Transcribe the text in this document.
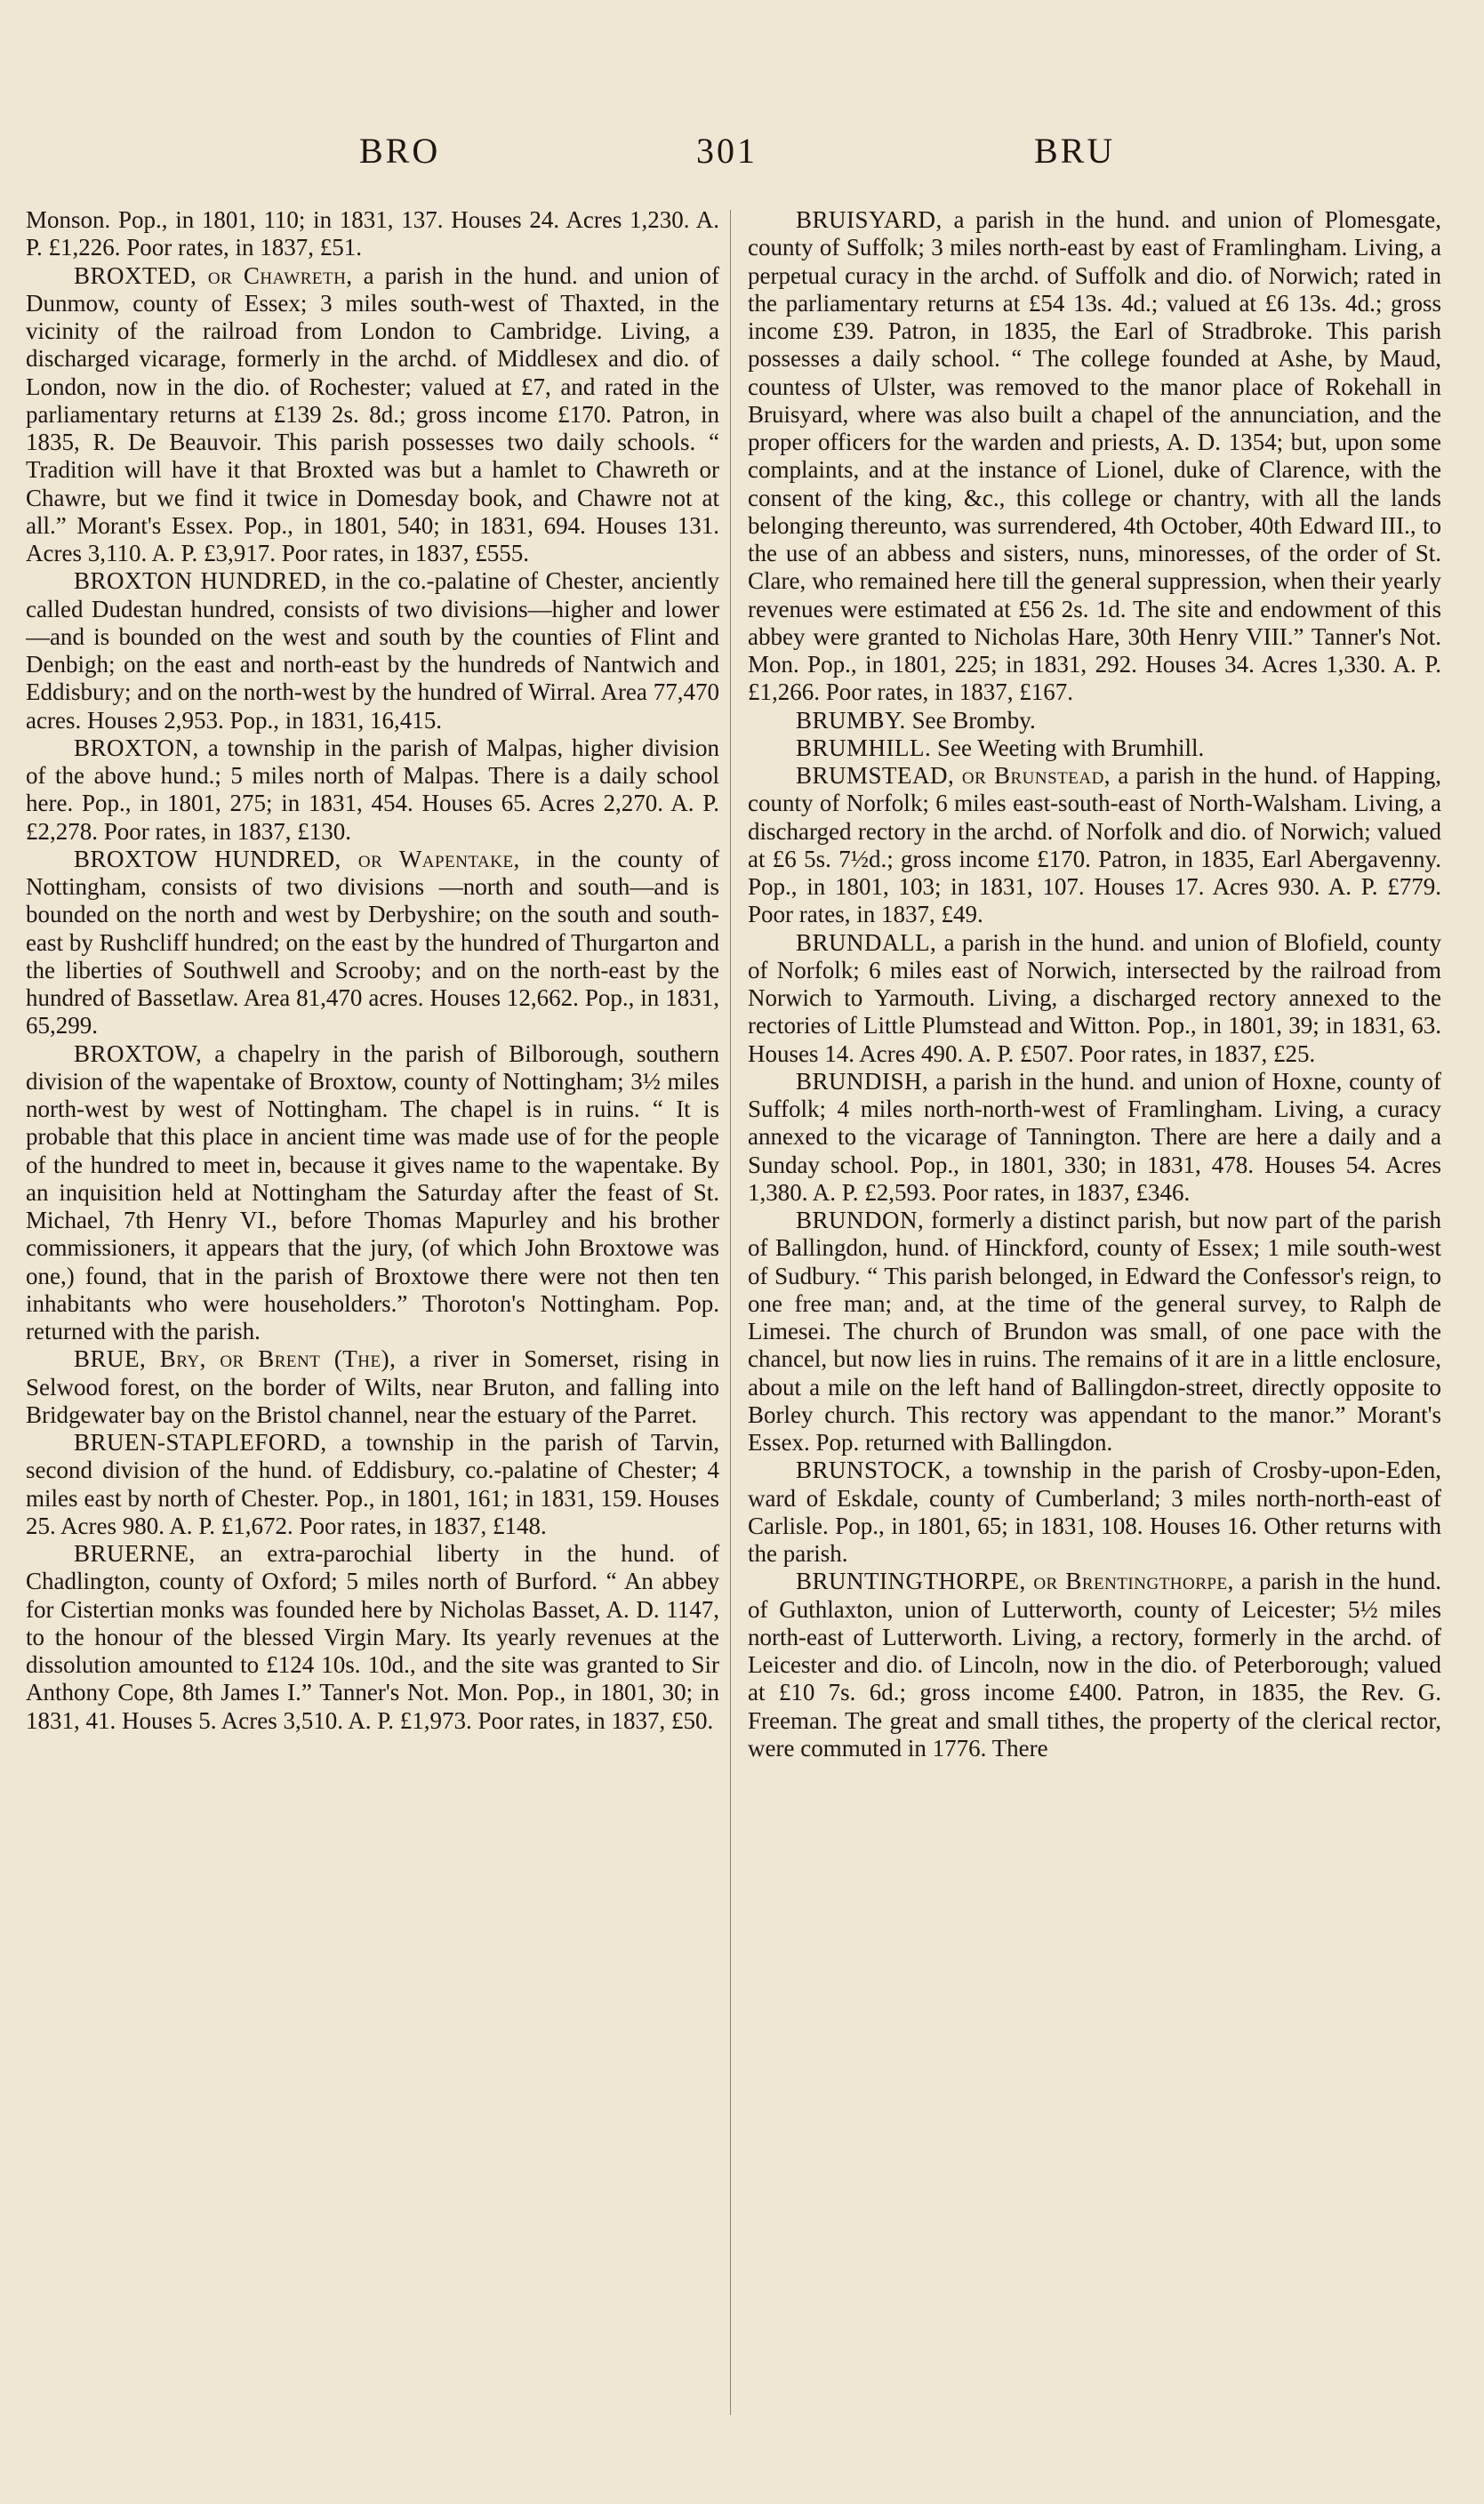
BRO	301	BRU

Monson. Pop., in 1801, 110; in 1831, 137. Houses 24. Acres 1,230. A. P. £1,226. Poor rates, in 1837, £51.

BROXTED, or Chawreth, a parish in the hund. and union of Dunmow, county of Essex; 3 miles south-west of Thaxted, in the vicinity of the railroad from London to Cambridge. Living, a discharged vicarage, formerly in the archd. of Middlesex and dio. of London, now in the dio. of Rochester; valued at £7, and rated in the parliamentary returns at £139 2s. 8d.; gross income £170. Patron, in 1835, R. De Beauvoir. This parish possesses two daily schools. “ Tradition will have it that Broxted was but a hamlet to Chawreth or Chawre, but we find it twice in Domesday book, and Chawre not at all.” Morant's Essex. Pop., in 1801, 540; in 1831, 694. Houses 131. Acres 3,110. A. P. £3,917. Poor rates, in 1837, £555.

BROXTON HUNDRED, in the co.-palatine of Chester, anciently called Dudestan hundred, consists of two divisions—higher and lower—and is bounded on the west and south by the counties of Flint and Denbigh; on the east and north-east by the hundreds of Nantwich and Eddisbury; and on the north-west by the hundred of Wirral. Area 77,470 acres. Houses 2,953. Pop., in 1831, 16,415.

BROXTON, a township in the parish of Malpas, higher division of the above hund.; 5 miles north of Malpas. There is a daily school here. Pop., in 1801, 275; in 1831, 454. Houses 65. Acres 2,270. A. P. £2,278. Poor rates, in 1837, £130.

BROXTOW HUNDRED, or Wapentake, in the county of Nottingham, consists of two divisions —north and south—and is bounded on the north and west by Derbyshire; on the south and south-east by Rushcliff hundred; on the east by the hundred of Thurgarton and the liberties of Southwell and Scrooby; and on the north-east by the hundred of Bassetlaw. Area 81,470 acres. Houses 12,662. Pop., in 1831, 65,299.

BROXTOW, a chapelry in the parish of Bilborough, southern division of the wapentake of Broxtow, county of Nottingham; 3½ miles north-west by west of Nottingham. The chapel is in ruins. “ It is probable that this place in ancient time was made use of for the people of the hundred to meet in, because it gives name to the wapentake. By an inquisition held at Nottingham the Saturday after the feast of St. Michael, 7th Henry VI., before Thomas Mapurley and his brother commissioners, it appears that the jury, (of which John Broxtowe was one,) found, that in the parish of Broxtowe there were not then ten inhabitants who were householders.” Thoroton's Nottingham. Pop. returned with the parish.

BRUE, Bry, or Brent (The), a river in Somerset, rising in Selwood forest, on the border of Wilts, near Bruton, and falling into Bridgewater bay on the Bristol channel, near the estuary of the Parret.

BRUEN-STAPLEFORD, a township in the parish of Tarvin, second division of the hund. of Eddisbury, co.-palatine of Chester; 4 miles east by north of Chester. Pop., in 1801, 161; in 1831, 159. Houses 25. Acres 980. A. P. £1,672. Poor rates, in 1837, £148.

BRUERNE, an extra-parochial liberty in the hund. of Chadlington, county of Oxford; 5 miles north of Burford. “ An abbey for Cistertian monks was founded here by Nicholas Basset, A. D. 1147, to the honour of the blessed Virgin Mary. Its yearly revenues at the dissolution amounted to £124 10s. 10d., and the site was granted to Sir Anthony Cope, 8th James I.” Tanner's Not. Mon. Pop., in 1801, 30; in 1831, 41. Houses 5. Acres 3,510. A. P. £1,973. Poor rates, in 1837, £50.

BRUISYARD, a parish in the hund. and union of Plomesgate, county of Suffolk; 3 miles north-east by east of Framlingham. Living, a perpetual curacy in the archd. of Suffolk and dio. of Norwich; rated in the parliamentary returns at £54 13s. 4d.; valued at £6 13s. 4d.; gross income £39. Patron, in 1835, the Earl of Stradbroke. This parish possesses a daily school. “ The college founded at Ashe, by Maud, countess of Ulster, was removed to the manor place of Rokehall in Bruisyard, where was also built a chapel of the annunciation, and the proper officers for the warden and priests, A. D. 1354; but, upon some complaints, and at the instance of Lionel, duke of Clarence, with the consent of the king, &c., this college or chantry, with all the lands belonging thereunto, was surrendered, 4th October, 40th Edward III., to the use of an abbess and sisters, nuns, minoresses, of the order of St. Clare, who remained here till the general suppression, when their yearly revenues were estimated at £56 2s. 1d. The site and endowment of this abbey were granted to Nicholas Hare, 30th Henry VIII.” Tanner's Not. Mon. Pop., in 1801, 225; in 1831, 292. Houses 34. Acres 1,330. A. P. £1,266. Poor rates, in 1837, £167.

BRUMBY. See Bromby.

BRUMHILL. See Weeting with Brumhill.

BRUMSTEAD, or Brunstead, a parish in the hund. of Happing, county of Norfolk; 6 miles east-south-east of North-Walsham. Living, a discharged rectory in the archd. of Norfolk and dio. of Norwich; valued at £6 5s. 7½d.; gross income £170. Patron, in 1835, Earl Abergavenny. Pop., in 1801, 103; in 1831, 107. Houses 17. Acres 930. A. P. £779. Poor rates, in 1837, £49.

BRUNDALL, a parish in the hund. and union of Blofield, county of Norfolk; 6 miles east of Norwich, intersected by the railroad from Norwich to Yarmouth. Living, a discharged rectory annexed to the rectories of Little Plumstead and Witton. Pop., in 1801, 39; in 1831, 63. Houses 14. Acres 490. A. P. £507. Poor rates, in 1837, £25.

BRUNDISH, a parish in the hund. and union of Hoxne, county of Suffolk; 4 miles north-north-west of Framlingham. Living, a curacy annexed to the vicarage of Tannington. There are here a daily and a Sunday school. Pop., in 1801, 330; in 1831, 478. Houses 54. Acres 1,380. A. P. £2,593. Poor rates, in 1837, £346.

BRUNDON, formerly a distinct parish, but now part of the parish of Ballingdon, hund. of Hinckford, county of Essex; 1 mile south-west of Sudbury. “ This parish belonged, in Edward the Confessor's reign, to one free man; and, at the time of the general survey, to Ralph de Limesei. The church of Brundon was small, of one pace with the chancel, but now lies in ruins. The remains of it are in a little enclosure, about a mile on the left hand of Ballingdon-street, directly opposite to Borley church. This rectory was appendant to the manor.” Morant's Essex. Pop. returned with Ballingdon.

BRUNSTOCK, a township in the parish of Crosby-upon-Eden, ward of Eskdale, county of Cumberland; 3 miles north-north-east of Carlisle. Pop., in 1801, 65; in 1831, 108. Houses 16. Other returns with the parish.

BRUNTINGTHORPE, or Brentingthorpe, a parish in the hund. of Guthlaxton, union of Lutterworth, county of Leicester; 5½ miles north-east of Lutterworth. Living, a rectory, formerly in the archd. of Leicester and dio. of Lincoln, now in the dio. of Peterborough; valued at £10 7s. 6d.; gross income £400. Patron, in 1835, the Rev. G. Freeman. The great and small tithes, the property of the clerical rector, were commuted in 1776. There
